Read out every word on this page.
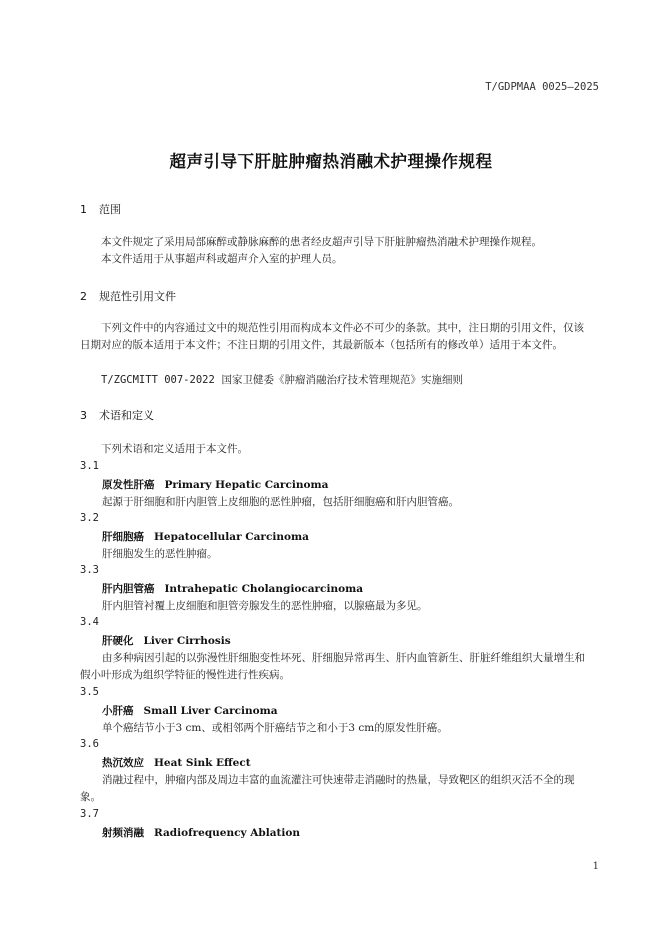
T/GDPMAA 0025—2025
超声引导下肝脏肿瘤热消融术护理操作规程
1 范围
本文件规定了采用局部麻醉或静脉麻醉的患者经皮超声引导下肝脏肿瘤热消融术护理操作规程。
本文件适用于从事超声科或超声介入室的护理人员。
2 规范性引用文件
下列文件中的内容通过文中的规范性引用而构成本文件必不可少的条款。其中，注日期的引用文件，仅该日期对应的版本适用于本文件；不注日期的引用文件，其最新版本（包括所有的修改单）适用于本文件。
T/ZGCMITT 007-2022 国家卫健委《肿瘤消融治疗技术管理规范》实施细则
3 术语和定义
下列术语和定义适用于本文件。
3.1
原发性肝癌 Primary Hepatic Carcinoma
起源于肝细胞和肝内胆管上皮细胞的恶性肿瘤，包括肝细胞癌和肝内胆管癌。
3.2
肝细胞癌 Hepatocellular Carcinoma
肝细胞发生的恶性肿瘤。
3.3
肝内胆管癌 Intrahepatic Cholangiocarcinoma
肝内胆管衬覆上皮细胞和胆管旁腺发生的恶性肿瘤，以腺癌最为多见。
3.4
肝硬化 Liver Cirrhosis
由多种病因引起的以弥漫性肝细胞变性坏死、肝细胞异常再生、肝内血管新生、肝脏纤维组织大量增生和假小叶形成为组织学特征的慢性进行性疾病。
3.5
小肝癌 Small Liver Carcinoma
单个癌结节小于3 cm、或相邻两个肝癌结节之和小于3 cm的原发性肝癌。
3.6
热沉效应 Heat Sink Effect
消融过程中，肿瘤内部及周边丰富的血流灌注可快速带走消融时的热量，导致靶区的组织灭活不全的现象。
3.7
射频消融 Radiofrequency Ablation
1
